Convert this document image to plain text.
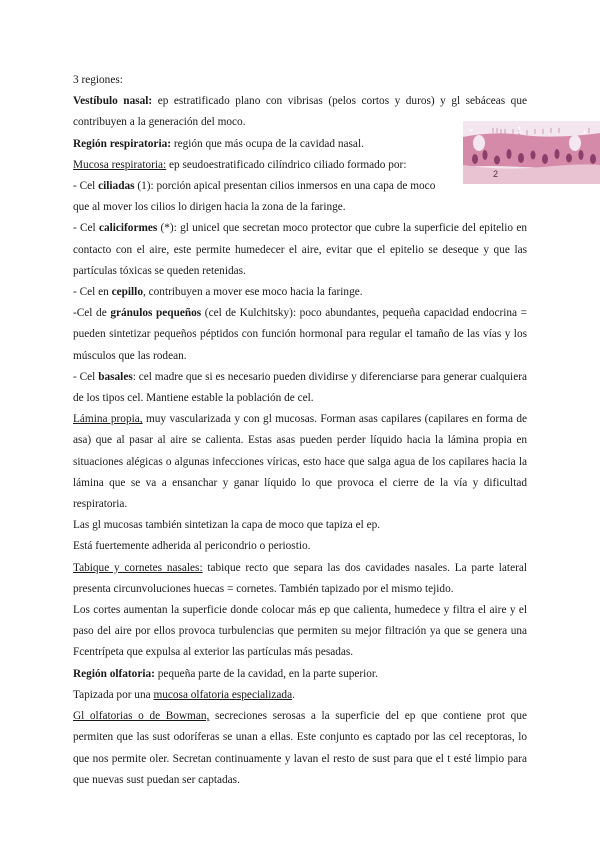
*	1	*
2

3 regiones:

Vestíbulo nasal: ep estratificado plano con vibrisas (pelos cortos y duros) y gl sebáceas que contribuyen a la generación del moco.

Región respiratoria: región que más ocupa de la cavidad nasal.

Mucosa respiratoria: ep seudoestratificado cilíndrico ciliado formado por:

- Cel ciliadas (1): porción apical presentan cilios inmersos en una capa de moco
que al mover los cilios lo dirigen hacia la zona de la faringe.

- Cel caliciformes (*): gl unicel que secretan moco protector que cubre la superficie del epitelio en contacto con el aire, este permite humedecer el aire, evitar que el epitelio se deseque y que las partículas tóxicas se queden retenidas.

- Cel en cepillo, contribuyen a mover ese moco hacia la faringe.

-Cel de gránulos pequeños (cel de Kulchitsky): poco abundantes, pequeña capacidad endocrina = pueden sintetizar pequeños péptidos con función hormonal para regular el tamaño de las vías y los músculos que las rodean.

- Cel basales: cel madre que si es necesario pueden dividirse y diferenciarse para generar cualquiera de los tipos cel. Mantiene estable la población de cel.

Lámina propia, muy vascularizada y con gl mucosas. Forman asas capilares (capilares en forma de asa) que al pasar al aire se calienta. Estas asas pueden perder líquido hacia la lámina propia en situaciones alégicas o algunas infecciones víricas, esto hace que salga agua de los capilares hacia la lámina que se va a ensanchar y ganar líquido lo que provoca el cierre de la vía y dificultad respiratoria.

Las gl mucosas también sintetizan la capa de moco que tapiza el ep.

Está fuertemente adherida al pericondrio o periostio.

Tabique y cornetes nasales: tabique recto que separa las dos cavidades nasales. La parte lateral presenta circunvoluciones huecas = cornetes. También tapizado por el mismo tejido.

Los cortes aumentan la superficie donde colocar más ep que calienta, humedece y filtra el aire y el paso del aire por ellos provoca turbulencias que permiten su mejor filtración ya que se genera una Fcentrípeta que expulsa al exterior las partículas más pesadas.

Región olfatoria: pequeña parte de la cavidad, en la parte superior.

Tapizada por una mucosa olfatoria especializada.

Gl olfatorias o de Bowman, secreciones serosas a la superficie del ep que contiene prot que permiten que las sust odoríferas se unan a ellas. Este conjunto es captado por las cel receptoras, lo que nos permite oler. Secretan continuamente y lavan el resto de sust para que el t esté limpio para que nuevas sust puedan ser captadas.
